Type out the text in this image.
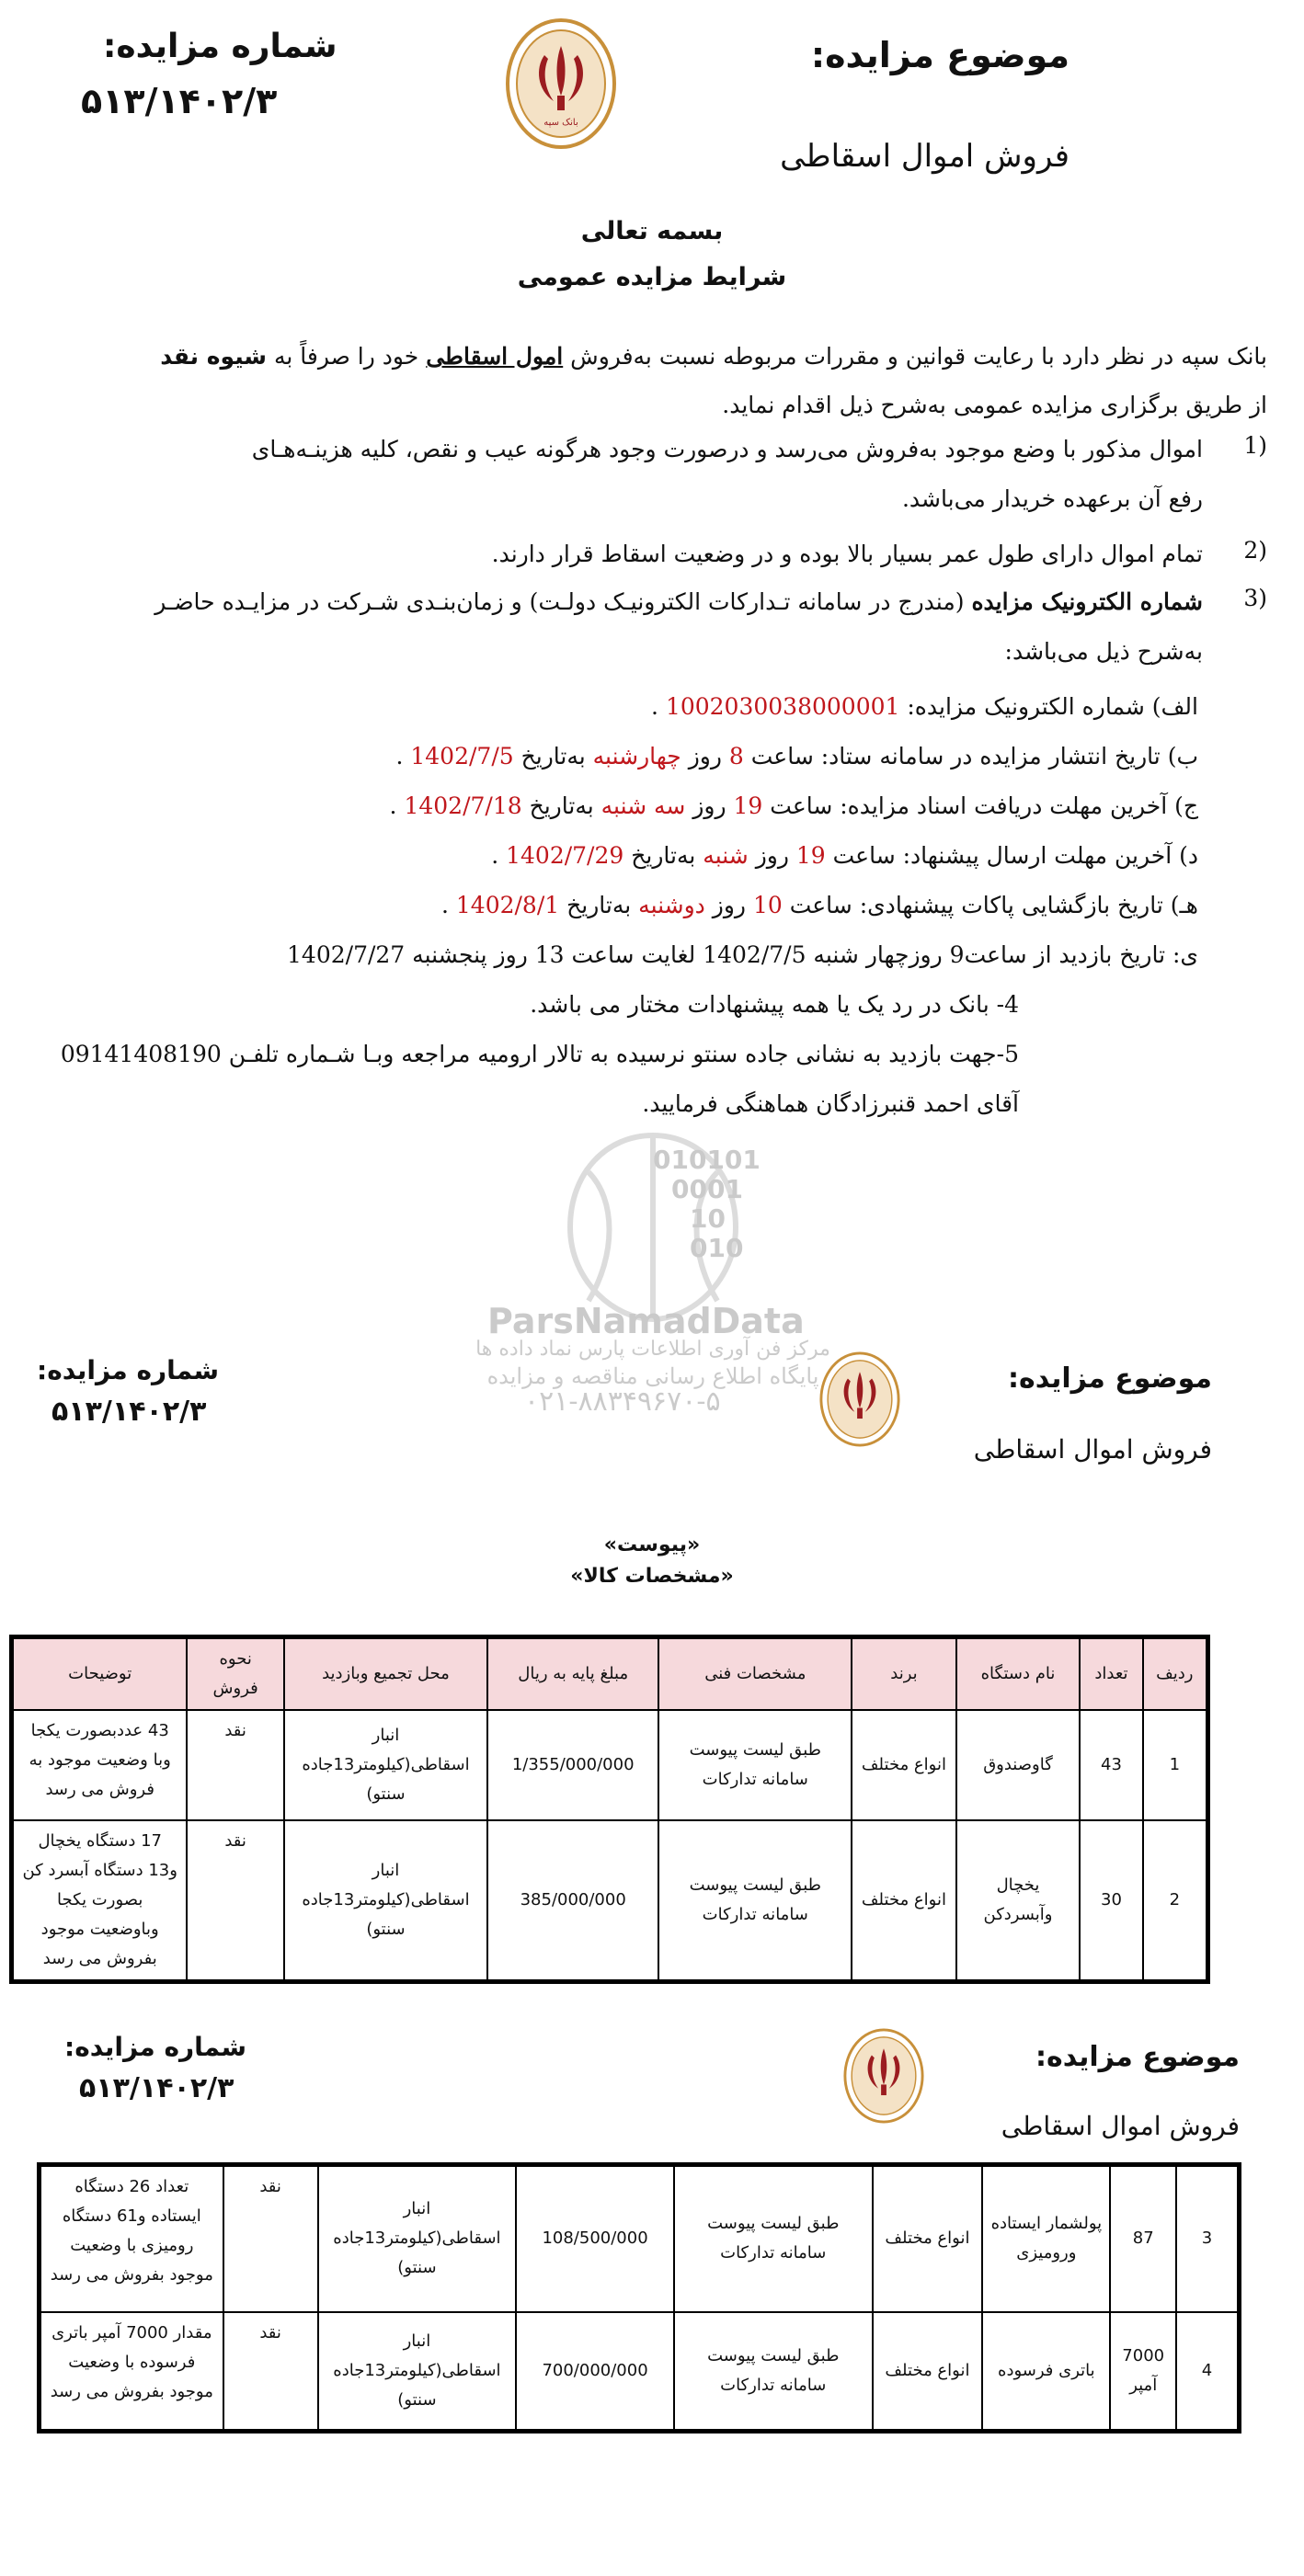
موضوع مزایده:
فروش اموال اسقاطی
شماره مزایده:
۵۱۳/۱۴۰۲/۳
بانک سپه
بسمه تعالی
شرایط مزایده عمومی
بانک سپه در نظر دارد با رعایت قوانین و مقررات مربوطه نسبت به‌فروش امول اسقاطی خود را صرفاً به شیوه نقد
از طریق برگزاری مزایده عمومی به‌شرح ذیل اقدام نماید.
1)
اموال مذکور با وضع موجود به‌فروش می‌رسد و درصورت وجود هرگونه عیب و نقص، کلیه هزینـه‌هـای
رفع آن برعهده خریدار می‌باشد.
2)
تمام اموال دارای طول عمر بسیار بالا بوده و در وضعیت اسقاط قرار دارند.
3)
شماره الکترونیک مزایده (مندرج در سامانه تـدارکات الکترونیـک دولـت) و زمان‌بنـدی شـرکت در مزایـده حاضـر
به‌شرح ذیل می‌باشد:
الف) شماره الکترونیک مزایده: 1002030038000001 .
ب) تاریخ انتشار مزایده در سامانه ستاد: ساعت 8 روز چهارشنبه به‌تاریخ 1402/7/5 .
ج) آخرین مهلت دریافت اسناد مزایده: ساعت 19 روز سه شنبه به‌تاریخ 1402/7/18 .
د) آخرین مهلت ارسال پیشنهاد: ساعت 19 روز شنبه به‌تاریخ 1402/7/29 .
هـ) تاریخ بازگشایی پاکات پیشنهادی: ساعت 10 روز دوشنبه به‌تاریخ 1402/8/1 .
ی: تاریخ بازدید از ساعت9 روزچهار شنبه 1402/7/5 لغایت ساعت 13 روز پنجشنبه 1402/7/27
4- بانک در رد یک یا همه پیشنهادات مختار می باشد.
5-جهت بازدید به نشانی جاده سنتو نرسیده به تالار ارومیه مراجعه وبـا شـماره تلفـن 09141408190
آقای احمد قنبرزادگان هماهنگی فرمایید.
010101
0001
10
010
ParsNamadData
مرکز فن آوری اطلاعات پارس نماد داده ها
پایگاه اطلاع رسانی مناقصه و مزایده
۰۲۱-۸۸۳۴۹۶۷۰-۵
موضوع مزایده:
فروش اموال اسقاطی
شماره مزایده:
۵۱۳/۱۴۰۲/۳
«پیوست»
«مشخصات کالا»
ردیف	تعداد	نام دستگاه	برند	مشخصات فنی	مبلغ پایه به ریال	محل تجمیع وبازدید	نحوه فروش	توضیحات
1	43	گاوصندوق	انواع مختلف	طبق لیست پیوست سامانه تدارکات	1/355/000/000	انبار اسقاطی(کیلومتر13جاده سنتو)	نقد	43 عددبصورت یکجا وبا وضعیت موجود به فروش می رسد
2	30	یخچال وآبسردکن	انواع مختلف	طبق لیست پیوست سامانه تدارکات	385/000/000	انبار اسقاطی(کیلومتر13جاده سنتو)	نقد	17 دستگاه یخچال و13 دستگاه آبسرد کن بصورت یکجا وباوضعیت موجود بفروش می رسد
موضوع مزایده:
فروش اموال اسقاطی
شماره مزایده:
۵۱۳/۱۴۰۲/۳
3	87	پولشمار ایستاده ورومیزی	انواع مختلف	طبق لیست پیوست سامانه تدارکات	108/500/000	انبار اسقاطی(کیلومتر13جاده سنتو)	نقد	تعداد 26 دستگاه ایستاده و61 دستگاه رومیزی با وضعیت موجود بفروش می رسد
4	7000 آمپر	باتری فرسوده	انواع مختلف	طبق لیست پیوست سامانه تدارکات	700/000/000	انبار اسقاطی(کیلومتر13جاده سنتو)	نقد	مقدار 7000 آمپر باتری فرسوده با وضعیت موجود بفروش می رسد
